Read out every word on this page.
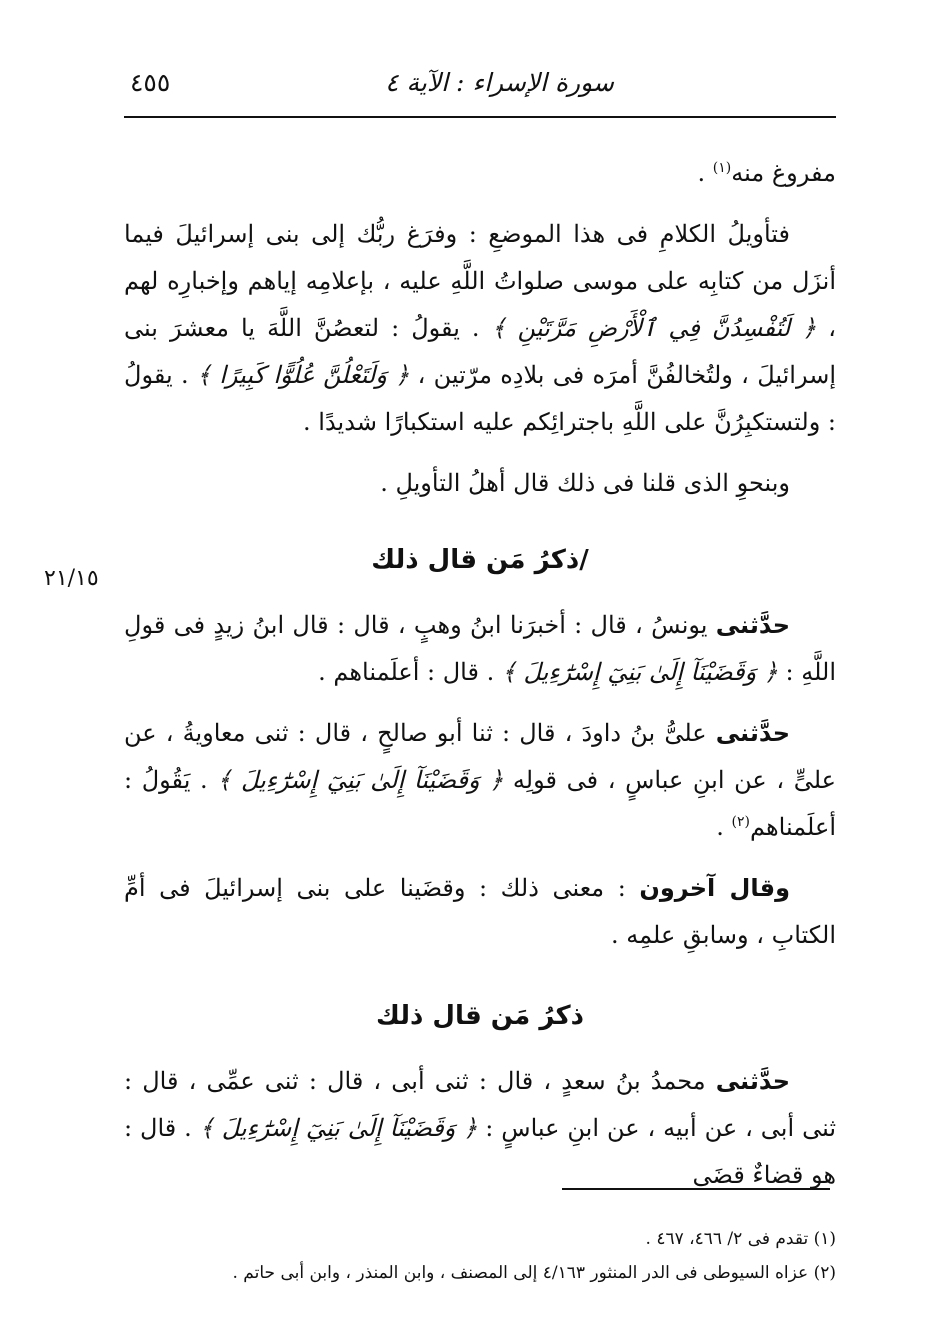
سورة الإسراء : الآية ٤
٤٥٥
٢١/١٥

مفروغ منه$^{(١)}$ .

فتأويلُ الكلامِ فى هذا الموضعِ : وفرَغ ربُّك إلى بنى إسرائيلَ فيما أنزَل من كتابِه على موسى صلواتُ اللَّهِ عليه ، بإعلامِه إياهم وإخبارِه لهم ، ﴿ لَتُفْسِدُنَّ فِي ٱلْأَرْضِ مَرَّتَيْنِ ﴾ . يقولُ : لتعصُنَّ اللَّهَ يا معشرَ بنى إسرائيلَ ، ولتُخالفُنَّ أمرَه فى بلادِه مرّتين ، ﴿ وَلَتَعْلُنَّ عُلُوًّا كَبِيرًا ﴾ . يقولُ : ولتستكبِرُنَّ على اللَّهِ باجترائِكم عليه استكبارًا شديدًا .

وبنحوِ الذى قلنا فى ذلك قال أهلُ التأويلِ .

/ذكرُ مَن قال ذلك

حدَّثنى يونسُ ، قال : أخبرَنا ابنُ وهبٍ ، قال : قال ابنُ زيدٍ فى قولِ اللَّهِ : ﴿ وَقَضَيْنَآ إِلَىٰ بَنِيٓ إِسْرَٰٓءِيلَ ﴾ . قال : أعلَمناهم .

حدَّثنى علىُّ بنُ داودَ ، قال : ثنا أبو صالحٍ ، قال : ثنى معاويةُ ، عن علىٍّ ، عن ابنِ عباسٍ ، فى قولِه ﴿ وَقَضَيْنَآ إِلَىٰ بَنِيٓ إِسْرَٰٓءِيلَ ﴾ . يَقُولُ : أعلَمناهم$^{(٢)}$ .

وقال آخرون : معنى ذلك : وقضَينا على بنى إسرائيلَ فى أمِّ الكتابِ ، وسابقِ علمِه .

ذكرُ مَن قال ذلك

حدَّثنى محمدُ بنُ سعدٍ ، قال : ثنى أبى ، قال : ثنى عمِّى ، قال : ثنى أبى ، عن أبيه ، عن ابنِ عباسٍ : ﴿ وَقَضَيْنَآ إِلَىٰ بَنِيٓ إِسْرَٰٓءِيلَ ﴾ . قال : هو قضاءٌ قضَى

(١) تقدم فى ٢/ ٤٦٦، ٤٦٧ .

(٢) عزاه السيوطى فى الدر المنثور ٤/١٦٣ إلى المصنف ، وابن المنذر ، وابن أبى حاتم .
